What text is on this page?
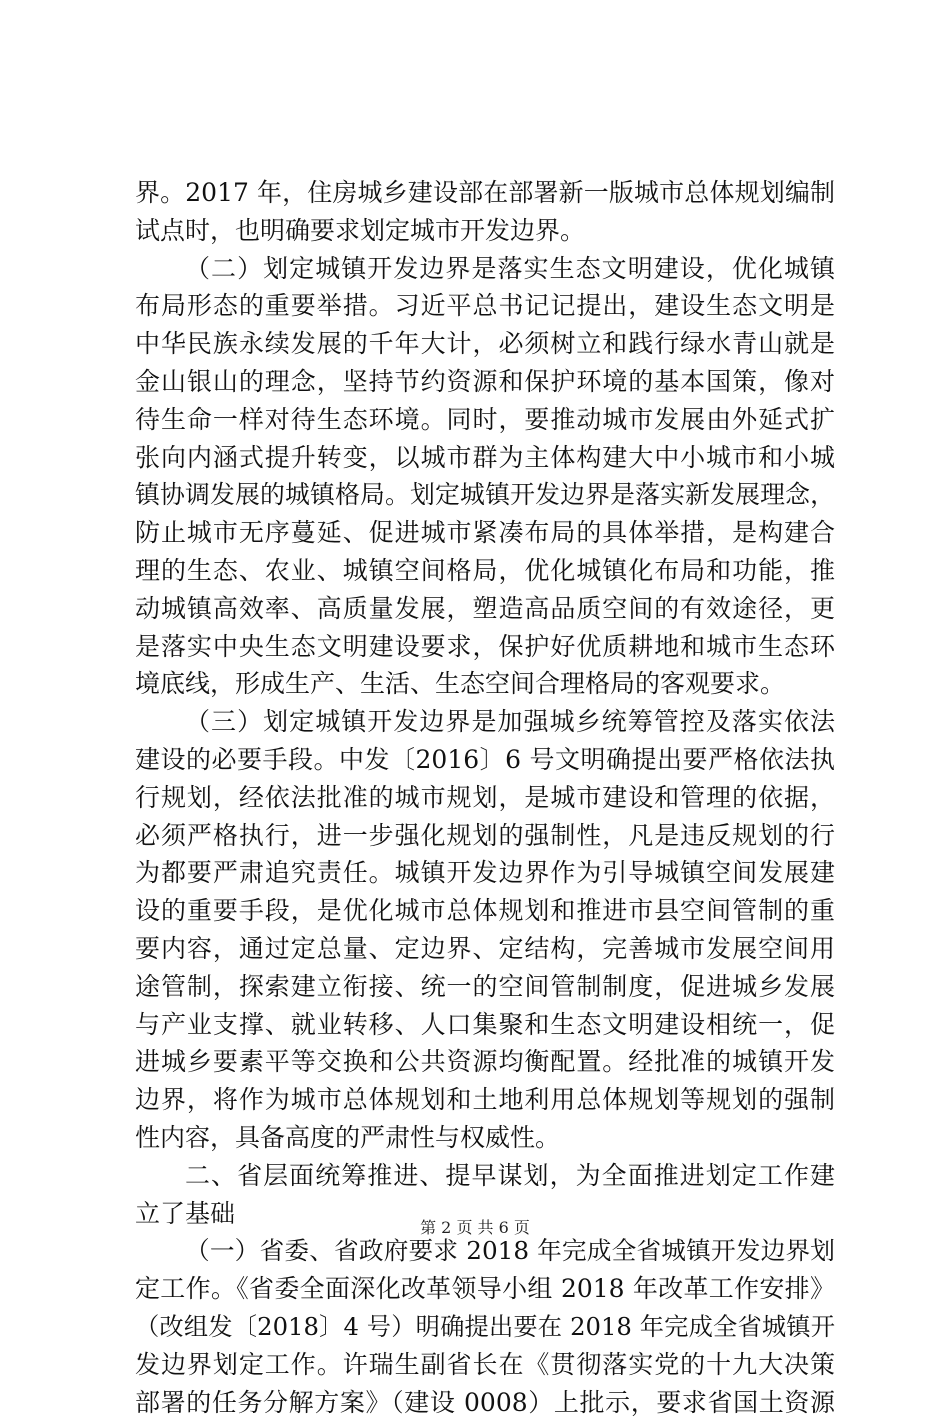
界。2017 年，住房城乡建设部在部署新一版城市总体规划编制
试点时，也明确要求划定城市开发边界。
（二）划定城镇开发边界是落实生态文明建设，优化城镇
布局形态的重要举措。习近平总书记记提出，建设生态文明是
中华民族永续发展的千年大计，必须树立和践行绿水青山就是
金山银山的理念，坚持节约资源和保护环境的基本国策，像对
待生命一样对待生态环境。同时，要推动城市发展由外延式扩
张向内涵式提升转变，以城市群为主体构建大中小城市和小城
镇协调发展的城镇格局。划定城镇开发边界是落实新发展理念，
防止城市无序蔓延、促进城市紧凑布局的具体举措，是构建合
理的生态、农业、城镇空间格局，优化城镇化布局和功能，推
动城镇高效率、高质量发展，塑造高品质空间的有效途径，更
是落实中央生态文明建设要求，保护好优质耕地和城市生态环
境底线，形成生产、生活、生态空间合理格局的客观要求。
（三）划定城镇开发边界是加强城乡统筹管控及落实依法
建设的必要手段。中发〔2016〕6 号文明确提出要严格依法执
行规划，经依法批准的城市规划，是城市建设和管理的依据，
必须严格执行，进一步强化规划的强制性，凡是违反规划的行
为都要严肃追究责任。城镇开发边界作为引导城镇空间发展建
设的重要手段，是优化城市总体规划和推进市县空间管制的重
要内容，通过定总量、定边界、定结构，完善城市发展空间用
途管制，探索建立衔接、统一的空间管制制度，促进城乡发展
与产业支撑、就业转移、人口集聚和生态文明建设相统一，促
进城乡要素平等交换和公共资源均衡配置。经批准的城镇开发
边界，将作为城市总体规划和土地利用总体规划等规划的强制
性内容，具备高度的严肃性与权威性。
二、省层面统筹推进、提早谋划，为全面推进划定工作建
立了基础
（一）省委、省政府要求 2018 年完成全省城镇开发边界划
定工作。《省委全面深化改革领导小组 2018 年改革工作安排》
（改组发〔2018〕4 号）明确提出要在 2018 年完成全省城镇开
发边界划定工作。许瑞生副省长在《贯彻落实党的十九大决策
部署的任务分解方案》（建设 0008）上批示，要求省国土资源
第 2 页 共 6 页
